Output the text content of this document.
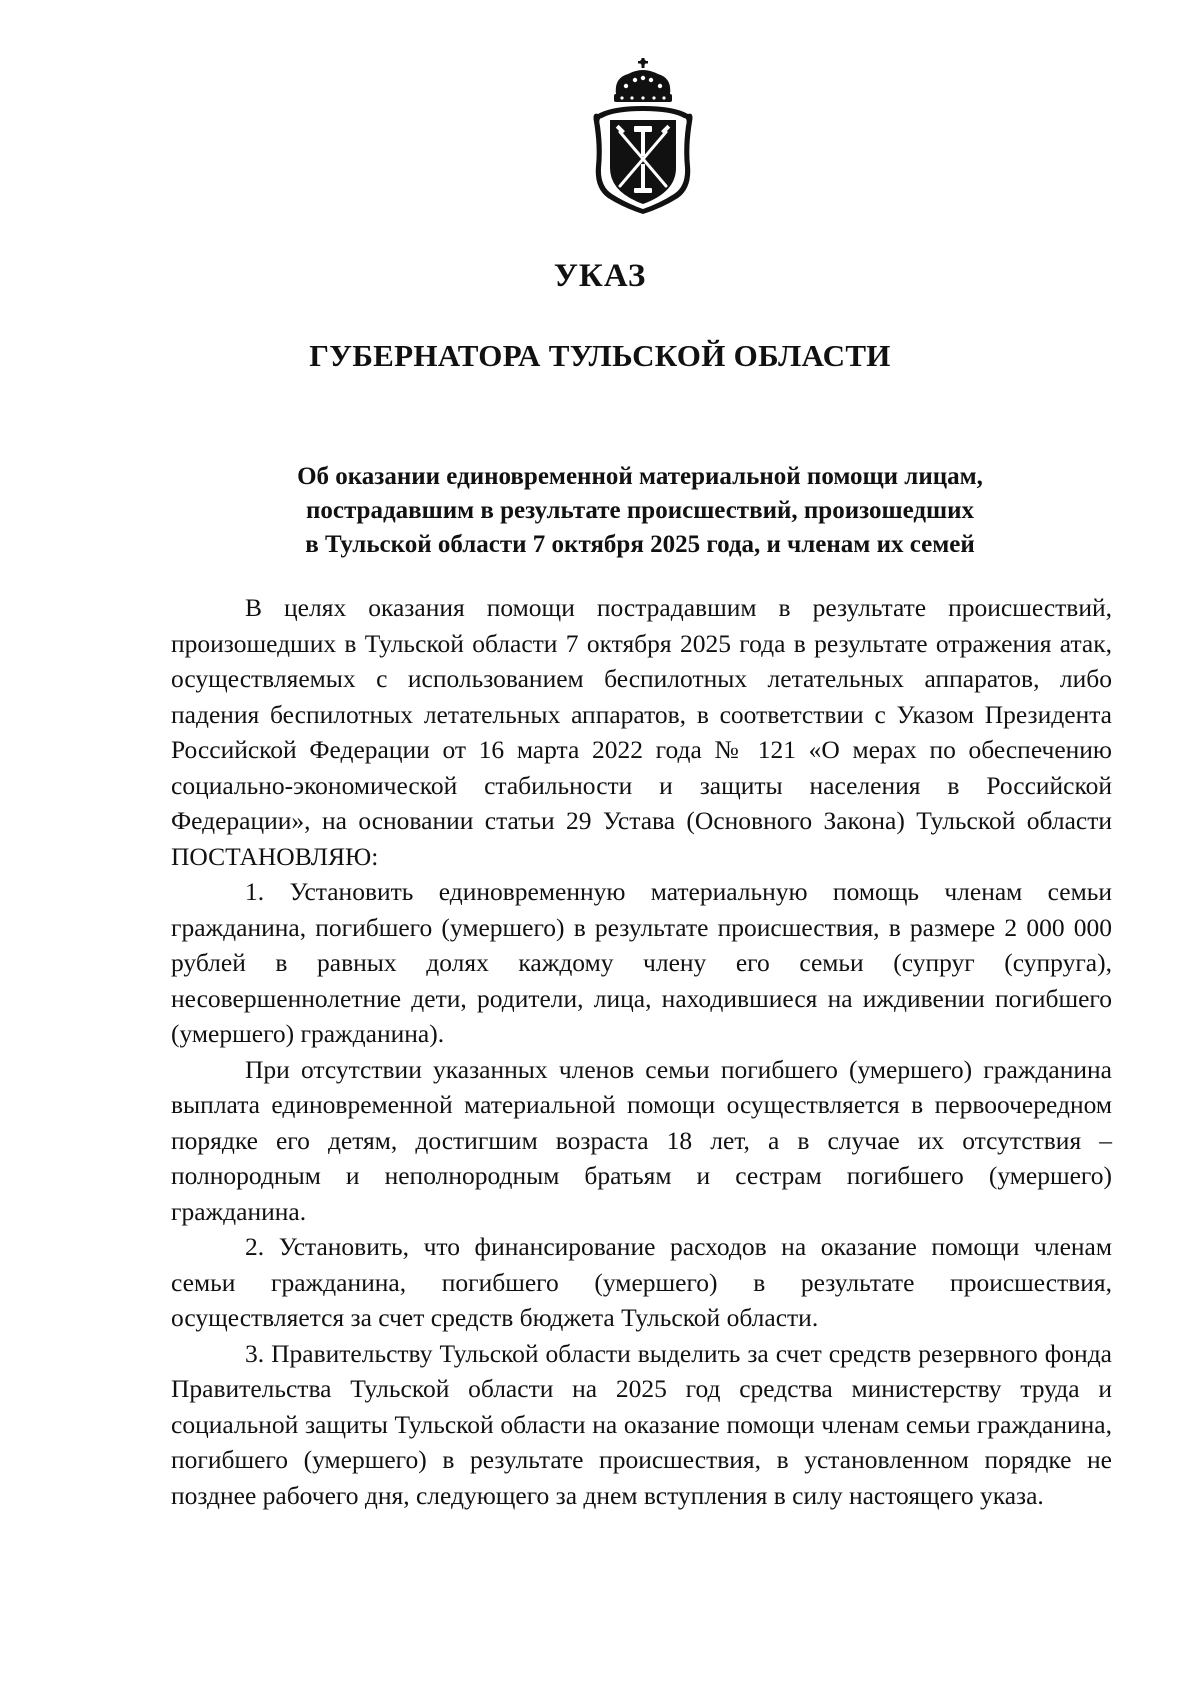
УКАЗ
ГУБЕРНАТОРА ТУЛЬСКОЙ ОБЛАСТИ
Об оказании единовременной материальной помощи лицам,
пострадавшим в результате происшествий, произошедших
в Тульской области 7 октября 2025 года, и членам их семей

В целях оказания помощи пострадавшим в результате происшествий, произошедших в Тульской области 7 октября 2025 года в результате отражения атак, осуществляемых с использованием беспилотных летательных аппаратов, либо падения беспилотных летательных аппаратов, в соответствии с Указом Президента Российской Федерации от 16 марта 2022 года № 121 «О мерах по обеспечению социально-экономической стабильности и защиты населения в Российской Федерации», на основании статьи 29 Устава (Основного Закона) Тульской области ПОСТАНОВЛЯЮ:

1. Установить единовременную материальную помощь членам семьи гражданина, погибшего (умершего) в результате происшествия, в размере 2 000 000 рублей в равных долях каждому члену его семьи (супруг (супруга), несовершеннолетние дети, родители, лица, находившиеся на иждивении погибшего (умершего) гражданина).

При отсутствии указанных членов семьи погибшего (умершего) гражданина выплата единовременной материальной помощи осуществляется в первоочередном порядке его детям, достигшим возраста 18 лет, а в случае их отсутствия – полнородным и неполнородным братьям и сестрам погибшего (умершего) гражданина.

2. Установить, что финансирование расходов на оказание помощи членам семьи гражданина, погибшего (умершего) в результате происшествия, осуществляется за счет средств бюджета Тульской области.

3. Правительству Тульской области выделить за счет средств резервного фонда Правительства Тульской области на 2025 год средства министерству труда и социальной защиты Тульской области на оказание помощи членам семьи гражданина, погибшего (умершего) в результате происшествия, в установленном порядке не позднее рабочего дня, следующего за днем вступления в силу настоящего указа.
